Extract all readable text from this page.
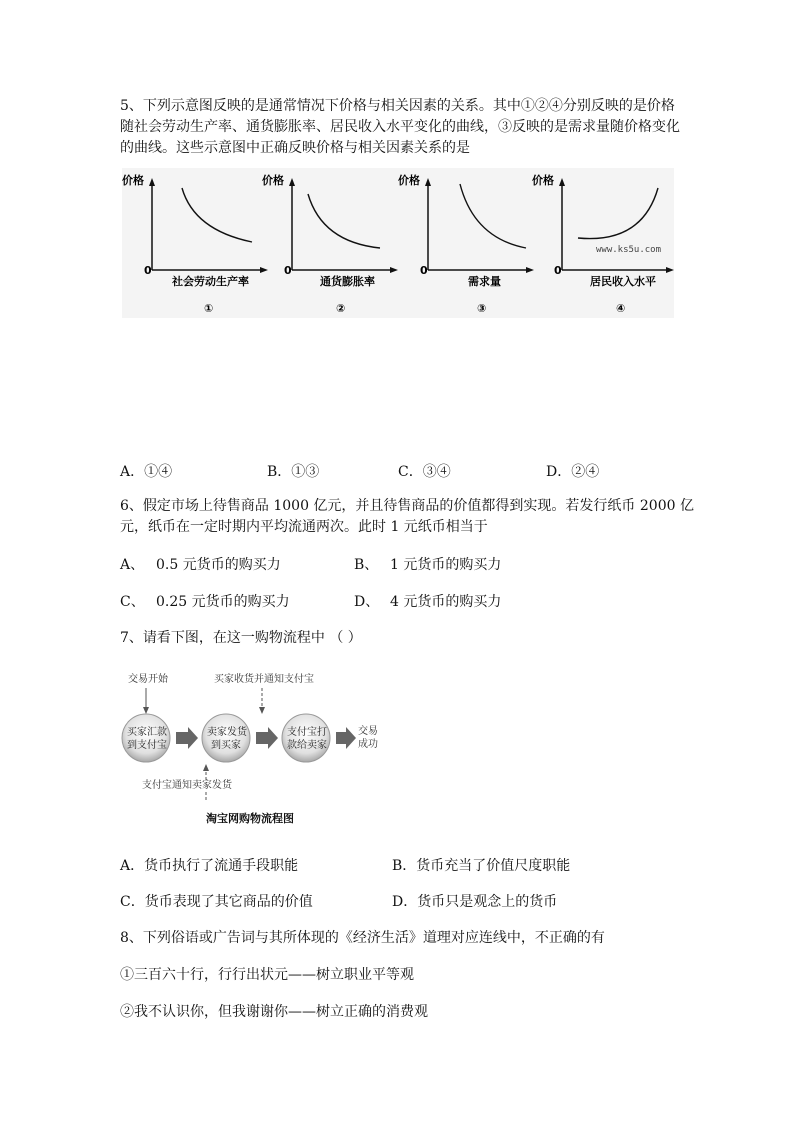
5、下列示意图反映的是通常情况下价格与相关因素的关系。其中①②④分别反映的是价格
随社会劳动生产率、通货膨胀率、居民收入水平变化的曲线，③反映的是需求量随价格变化
的曲线。这些示意图中正确反映价格与相关因素关系的是
价格
0
社会劳动生产率
①
价格
0
通货膨胀率
②
价格
0
需求量
③
www.ks5u.com
价格
0
居民收入水平
④
A．①④	B．①③	C．③④	D．②④
6、假定市场上待售商品 1000 亿元，并且待售商品的价值都得到实现。若发行纸币 2000 亿
元，纸币在一定时期内平均流通两次。此时 1 元纸币相当于
A、 0.5 元货币的购买力	B、 1 元货币的购买力
C、 0.25 元货币的购买力	D、 4 元货币的购买力
7、请看下图，在这一购物流程中 （ ）
交易开始	买家收货并通知支付宝
买家汇款
到支付宝
卖家发货
到买家
支付宝打
款给卖家
交易
成功
支付宝通知卖家发货
淘宝网购物流程图
A．货币执行了流通手段职能	B．货币充当了价值尺度职能
C．货币表现了其它商品的价值	D．货币只是观念上的货币
8、下列俗语或广告词与其所体现的《经济生活》道理对应连线中，不正确的有
①三百六十行，行行出状元——树立职业平等观
②我不认识你，但我谢谢你——树立正确的消费观
